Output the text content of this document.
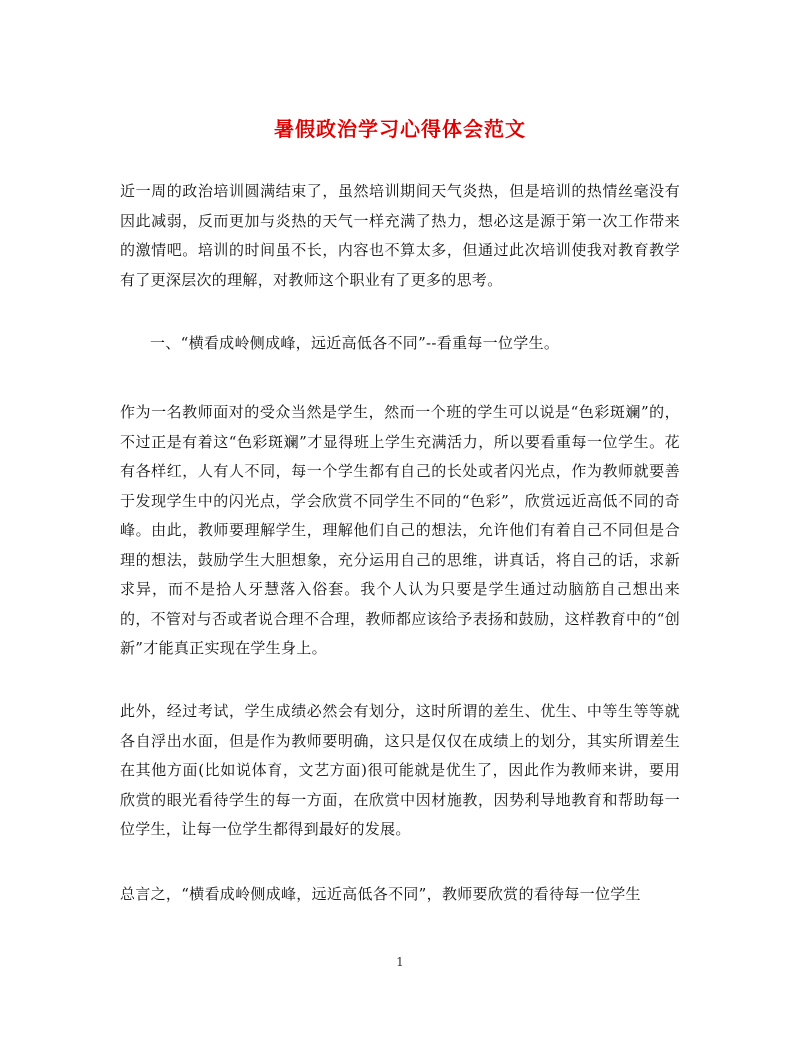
暑假政治学习心得体会范文
近一周的政治培训圆满结束了，虽然培训期间天气炎热，但是培训的热情丝毫没有因此减弱，反而更加与炎热的天气一样充满了热力，想必这是源于第一次工作带来的激情吧。培训的时间虽不长，内容也不算太多，但通过此次培训使我对教育教学有了更深层次的理解，对教师这个职业有了更多的思考。
一、“横看成岭侧成峰，远近高低各不同”--看重每一位学生。
作为一名教师面对的受众当然是学生，然而一个班的学生可以说是“色彩斑斓”的，不过正是有着这“色彩斑斓”才显得班上学生充满活力，所以要看重每一位学生。花有各样红，人有人不同，每一个学生都有自己的长处或者闪光点，作为教师就要善于发现学生中的闪光点，学会欣赏不同学生不同的“色彩”，欣赏远近高低不同的奇峰。由此，教师要理解学生，理解他们自己的想法，允许他们有着自己不同但是合理的想法，鼓励学生大胆想象，充分运用自己的思维，讲真话，将自己的话，求新求异，而不是拾人牙慧落入俗套。我个人认为只要是学生通过动脑筋自己想出来的，不管对与否或者说合理不合理，教师都应该给予表扬和鼓励，这样教育中的“创新”才能真正实现在学生身上。
此外，经过考试，学生成绩必然会有划分，这时所谓的差生、优生、中等生等等就各自浮出水面，但是作为教师要明确，这只是仅仅在成绩上的划分，其实所谓差生在其他方面(比如说体育，文艺方面)很可能就是优生了，因此作为教师来讲，要用欣赏的眼光看待学生的每一方面，在欣赏中因材施教，因势利导地教育和帮助每一位学生，让每一位学生都得到最好的发展。
总言之，“横看成岭侧成峰，远近高低各不同”，教师要欣赏的看待每一位学生
1
